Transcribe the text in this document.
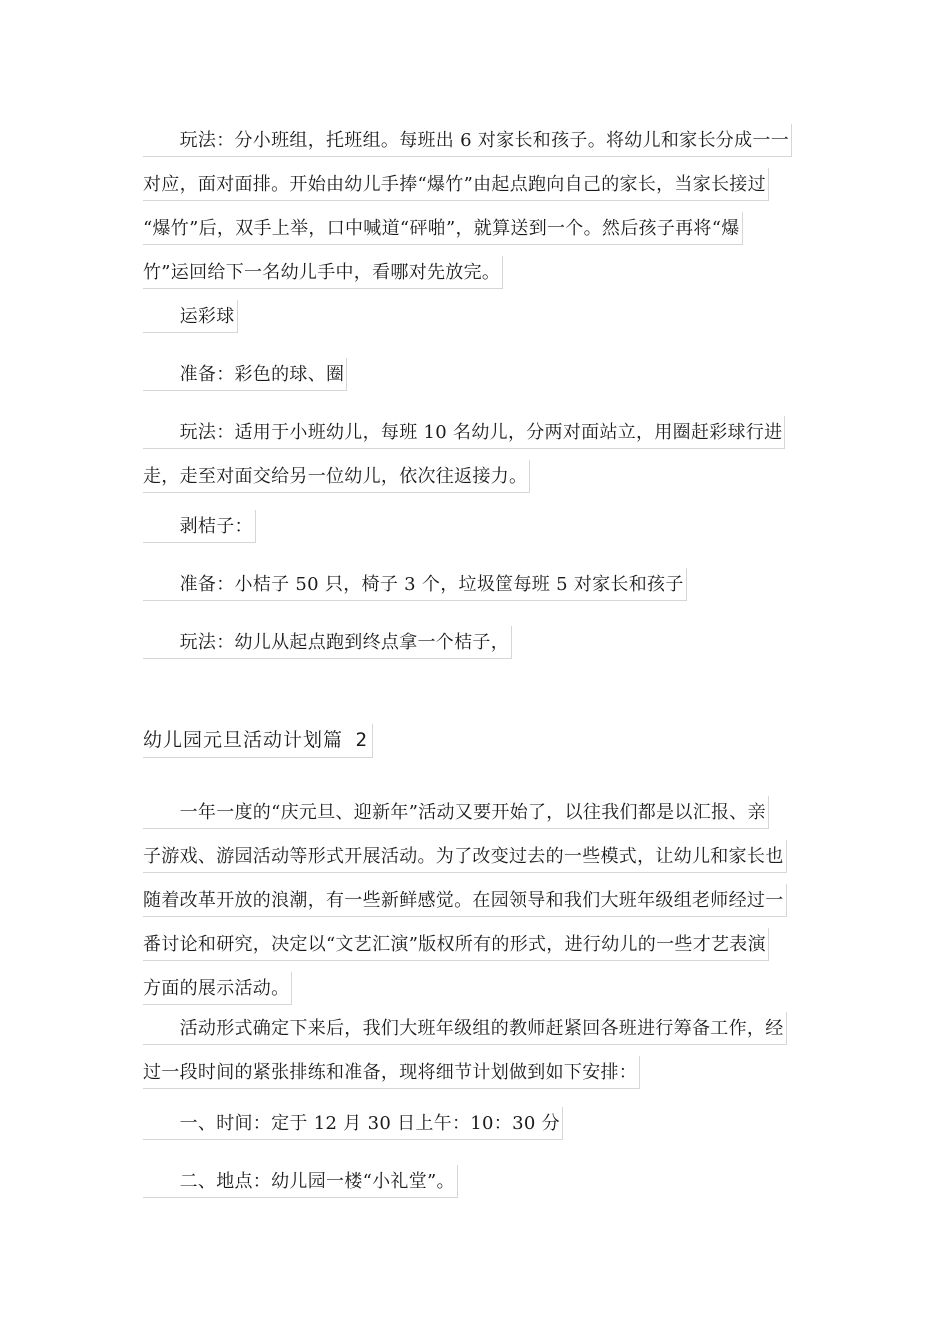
　　玩法：分小班组，托班组。每班出 6 对家长和孩子。将幼儿和家长分成一一
对应，面对面排。开始由幼儿手捧“爆竹”由起点跑向自己的家长，当家长接过
“爆竹”后，双手上举，口中喊道“砰啪”，就算送到一个。然后孩子再将“爆
竹”运回给下一名幼儿手中，看哪对先放完。
　　运彩球
　　准备：彩色的球、圈
　　玩法：适用于小班幼儿，每班 10 名幼儿，分两对面站立，用圈赶彩球行进
走，走至对面交给另一位幼儿，依次往返接力。
　　剥桔子：
　　准备：小桔子 50 只，椅子 3 个，垃圾筐每班 5 对家长和孩子
　　玩法：幼儿从起点跑到终点拿一个桔子，
幼儿园元旦活动计划篇 2
　　一年一度的“庆元旦、迎新年”活动又要开始了，以往我们都是以汇报、亲
子游戏、游园活动等形式开展活动。为了改变过去的一些模式，让幼儿和家长也
随着改革开放的浪潮，有一些新鲜感觉。在园领导和我们大班年级组老师经过一
番讨论和研究，决定以“文艺汇演”版权所有的形式，进行幼儿的一些才艺表演
方面的展示活动。
　　活动形式确定下来后，我们大班年级组的教师赶紧回各班进行筹备工作，经
过一段时间的紧张排练和准备，现将细节计划做到如下安排：
　　一、时间：定于 12 月 30 日上午：10：30 分
　　二、地点：幼儿园一楼“小礼堂”。
